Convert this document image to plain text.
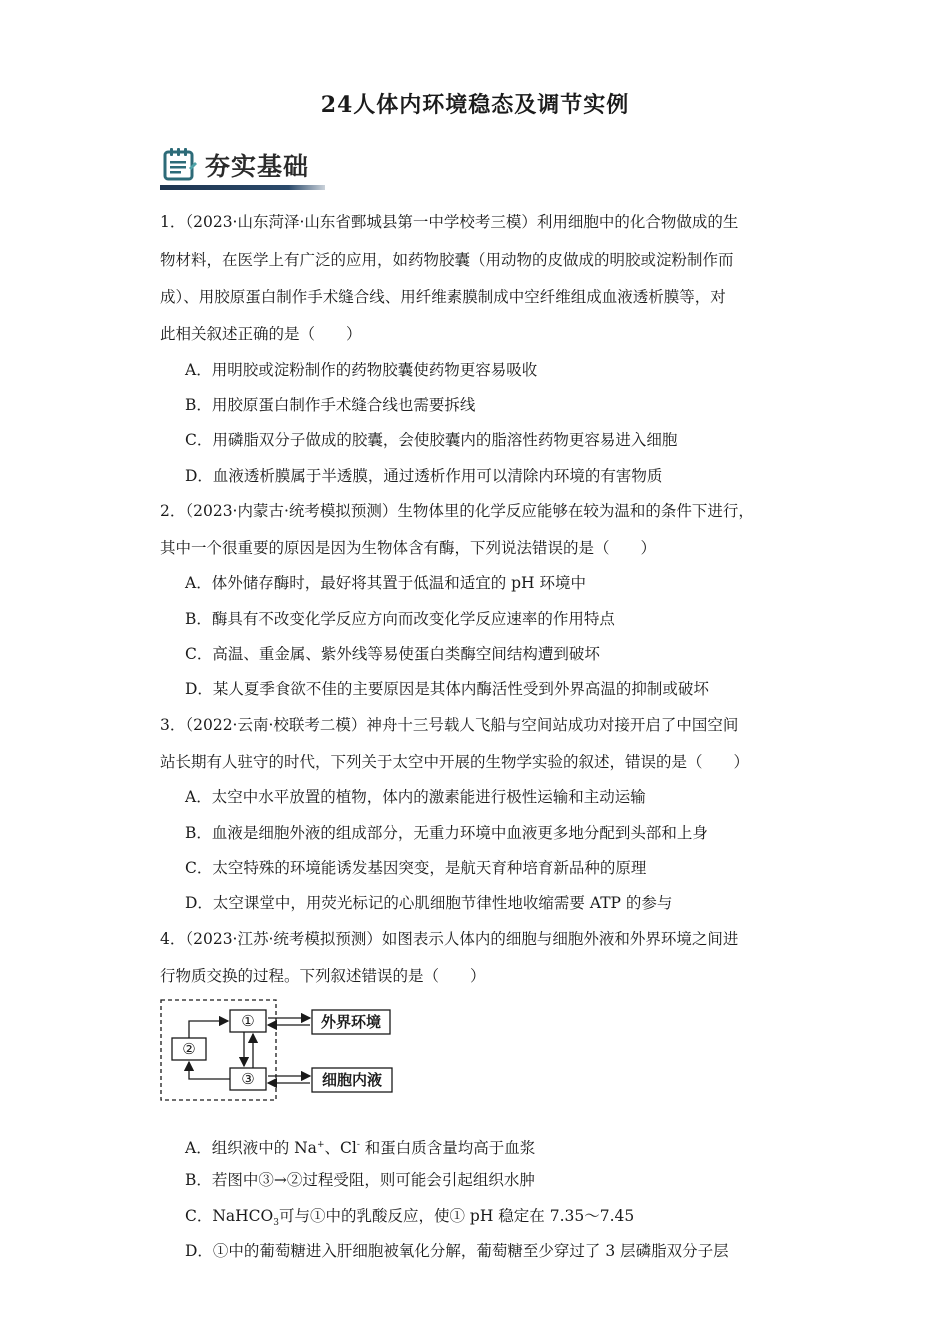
24人体内环境稳态及调节实例
夯实基础
1．（2023·山东菏泽·山东省鄄城县第一中学校考三模）利用细胞中的化合物做成的生
物材料，在医学上有广泛的应用，如药物胶囊（用动物的皮做成的明胶或淀粉制作而
成）、用胶原蛋白制作手术缝合线、用纤维素膜制成中空纤维组成血液透析膜等，对
此相关叙述正确的是（　　）
A．用明胶或淀粉制作的药物胶囊使药物更容易吸收
B．用胶原蛋白制作手术缝合线也需要拆线
C．用磷脂双分子做成的胶囊，会使胶囊内的脂溶性药物更容易进入细胞
D．血液透析膜属于半透膜，通过透析作用可以清除内环境的有害物质
2．（2023·内蒙古·统考模拟预测）生物体里的化学反应能够在较为温和的条件下进行，
其中一个很重要的原因是因为生物体含有酶，下列说法错误的是（　　）
A．体外储存酶时，最好将其置于低温和适宜的 pH 环境中
B．酶具有不改变化学反应方向而改变化学反应速率的作用特点
C．高温、重金属、紫外线等易使蛋白类酶空间结构遭到破坏
D．某人夏季食欲不佳的主要原因是其体内酶活性受到外界高温的抑制或破坏
3．（2022·云南·校联考二模）神舟十三号载人飞船与空间站成功对接开启了中国空间
站长期有人驻守的时代，下列关于太空中开展的生物学实验的叙述，错误的是（　　）
A．太空中水平放置的植物，体内的激素能进行极性运输和主动运输
B．血液是细胞外液的组成部分，无重力环境中血液更多地分配到头部和上身
C．太空特殊的环境能诱发基因突变，是航天育种培育新品种的原理
D．太空课堂中，用荧光标记的心肌细胞节律性地收缩需要 ATP 的参与
4．（2023·江苏·统考模拟预测）如图表示人体内的细胞与细胞外液和外界环境之间进
行物质交换的过程。下列叙述错误的是（　　）
①
②
③
外界环境
细胞内液
A．组织液中的 Na+、Cl- 和蛋白质含量均高于血浆
B．若图中③→②过程受阻，则可能会引起组织水肿
C．NaHCO$_3$可与①中的乳酸反应，使① pH 稳定在 7.35～7.45
D．①中的葡萄糖进入肝细胞被氧化分解，葡萄糖至少穿过了 3 层磷脂双分子层
